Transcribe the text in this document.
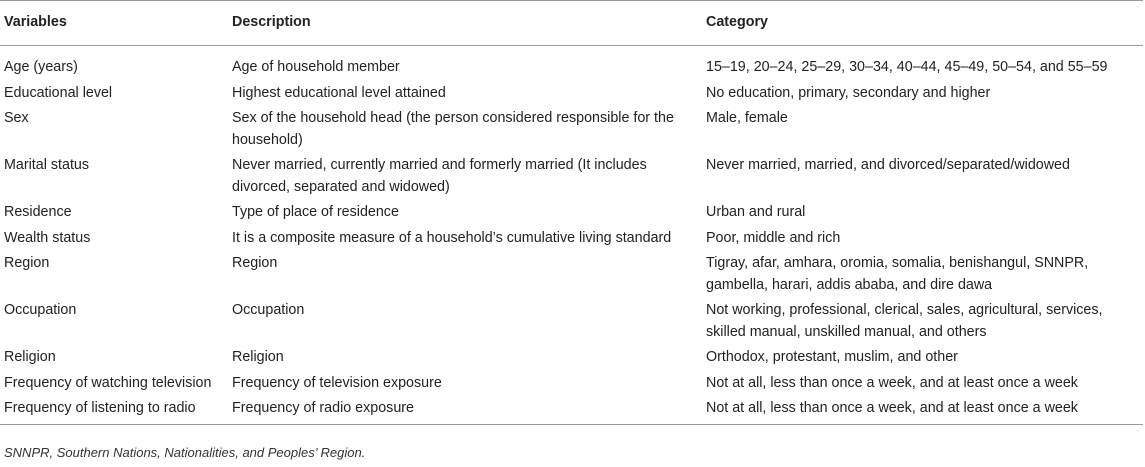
Variables	Description	Category
Age (years)	Age of household member	15–19, 20–24, 25–29, 30–34, 40–44, 45–49, 50–54, and 55–59
Educational level	Highest educational level attained	No education, primary, secondary and higher
Sex	Sex of the household head (the person considered responsible for the household)	Male, female
Marital status	Never married, currently married and formerly married (It includes divorced, separated and widowed)	Never married, married, and divorced/separated/widowed
Residence	Type of place of residence	Urban and rural
Wealth status	It is a composite measure of a household’s cumulative living standard	Poor, middle and rich
Region	Region	Tigray, afar, amhara, oromia, somalia, benishangul, SNNPR, gambella, harari, addis ababa, and dire dawa
Occupation	Occupation	Not working, professional, clerical, sales, agricultural, services, skilled manual, unskilled manual, and others
Religion	Religion	Orthodox, protestant, muslim, and other
Frequency of watching television	Frequency of television exposure	Not at all, less than once a week, and at least once a week
Frequency of listening to radio	Frequency of radio exposure	Not at all, less than once a week, and at least once a week
SNNPR, Southern Nations, Nationalities, and Peoples’ Region.
